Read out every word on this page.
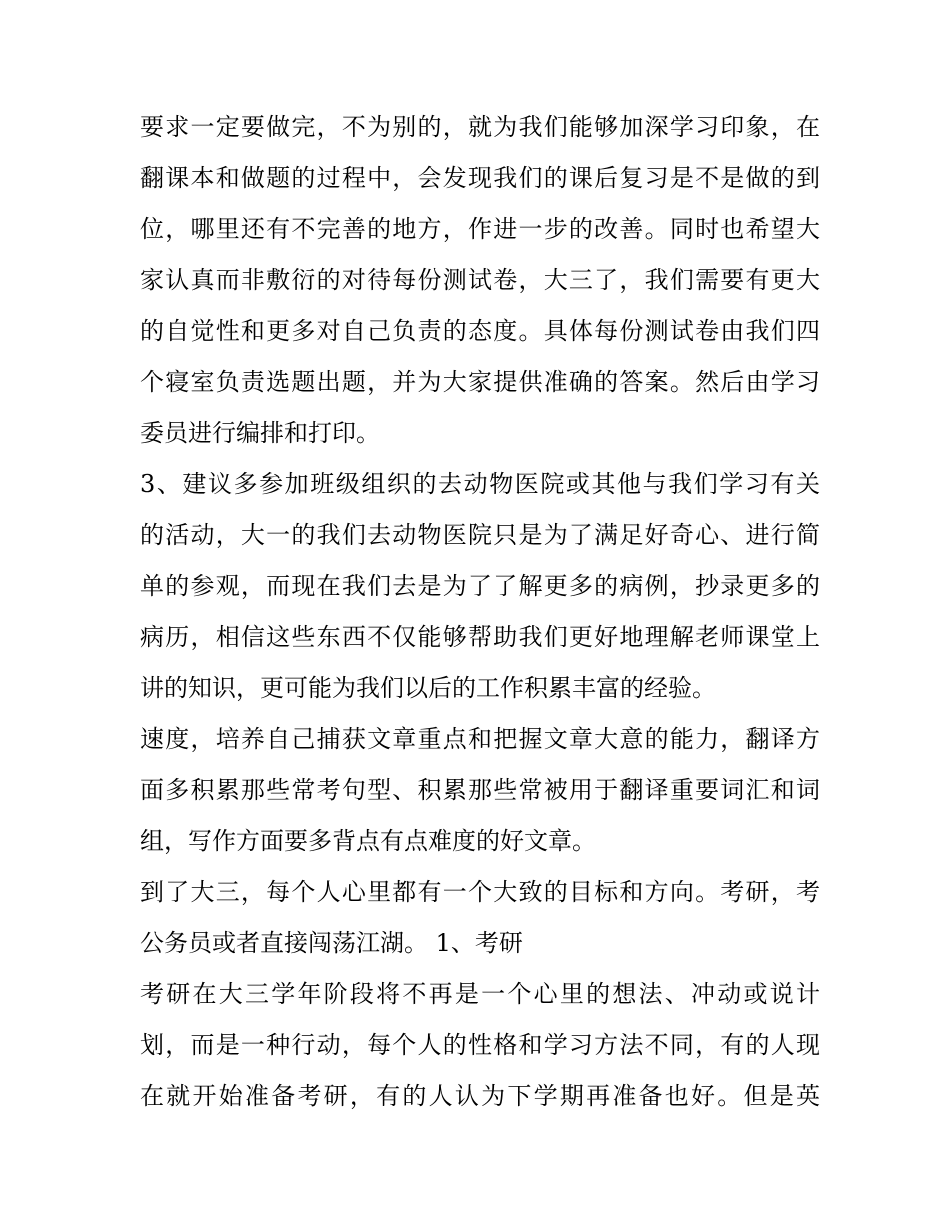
要求一定要做完，不为别的，就为我们能够加深学习印象，在
翻课本和做题的过程中，会发现我们的课后复习是不是做的到
位，哪里还有不完善的地方，作进一步的改善。同时也希望大
家认真而非敷衍的对待每份测试卷，大三了，我们需要有更大
的自觉性和更多对自己负责的态度。具体每份测试卷由我们四
个寝室负责选题出题，并为大家提供准确的答案。然后由学习
委员进行编排和打印。
3、建议多参加班级组织的去动物医院或其他与我们学习有关
的活动，大一的我们去动物医院只是为了满足好奇心、进行简
单的参观，而现在我们去是为了了解更多的病例，抄录更多的
病历，相信这些东西不仅能够帮助我们更好地理解老师课堂上
讲的知识，更可能为我们以后的工作积累丰富的经验。
速度，培养自己捕获文章重点和把握文章大意的能力，翻译方
面多积累那些常考句型、积累那些常被用于翻译重要词汇和词
组，写作方面要多背点有点难度的好文章。
到了大三，每个人心里都有一个大致的目标和方向。考研，考
公务员或者直接闯荡江湖。 1、考研
考研在大三学年阶段将不再是一个心里的想法、冲动或说计
划，而是一种行动，每个人的性格和学习方法不同，有的人现
在就开始准备考研，有的人认为下学期再准备也好。但是英
